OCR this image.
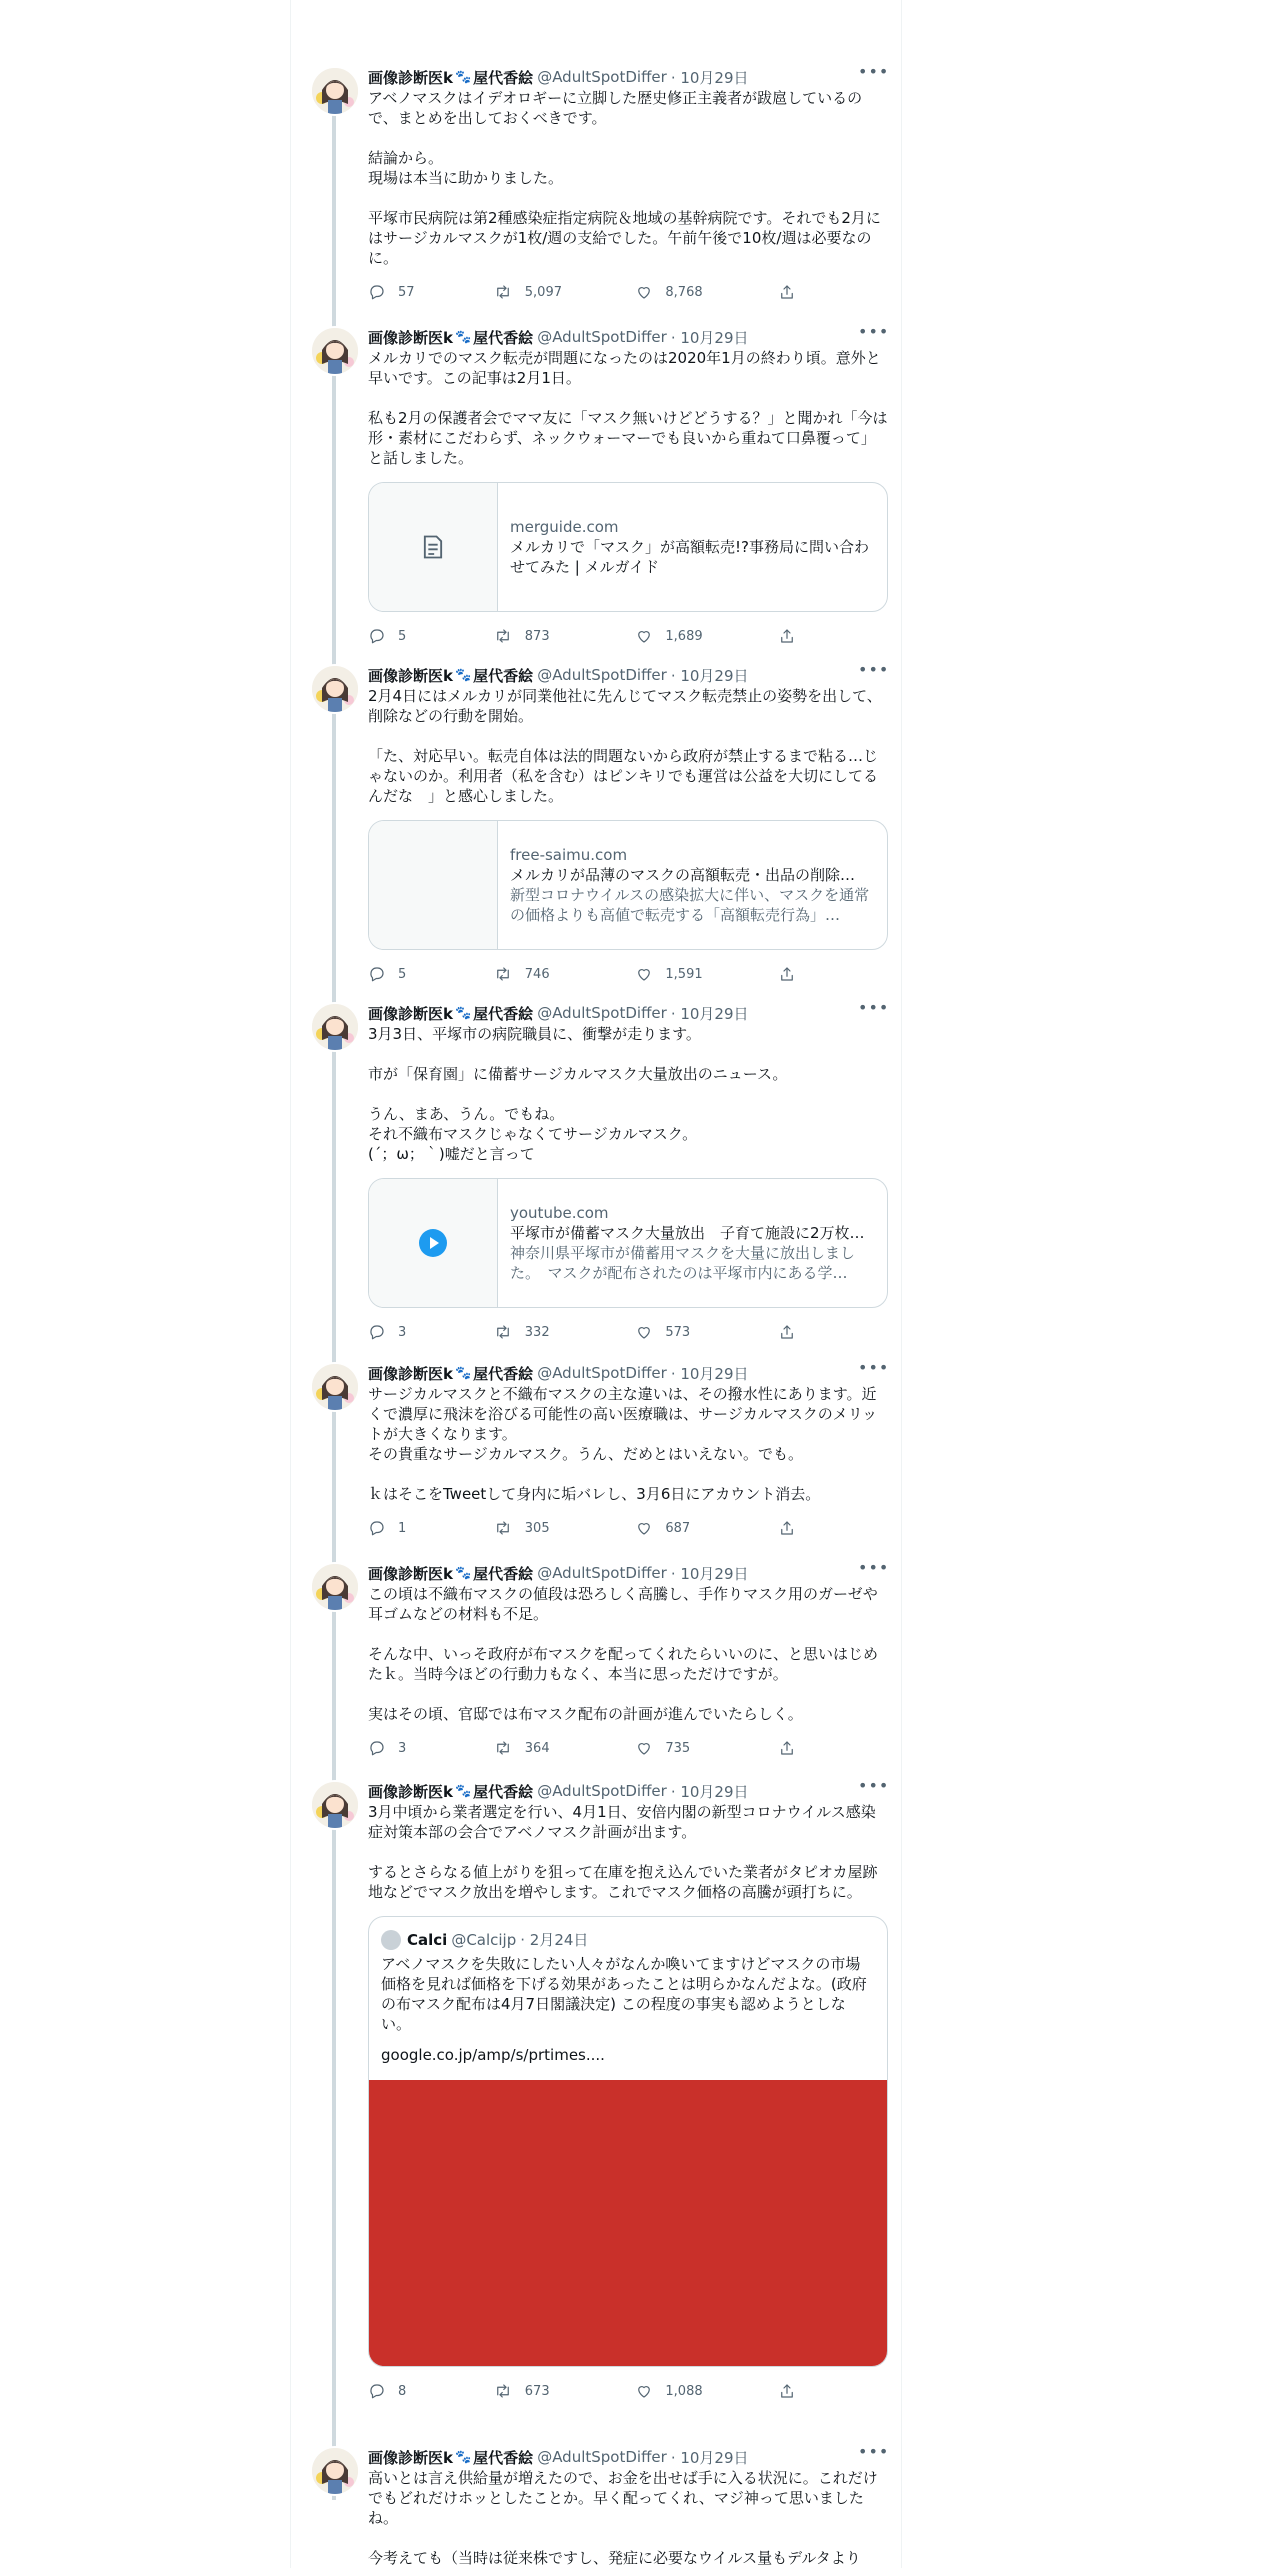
画像診断医k 🐾 屋代香絵 @AdultSpotDiffer · 10月29日	•••
アベノマスクはイデオロギーに立脚した歴史修正主義者が跋扈しているので、まとめを出しておくべきです。

結論から。
現場は本当に助かりました。

平塚市民病院は第2種感染症指定病院＆地域の基幹病院です。それでも2月にはサージカルマスクが1枚/週の支給でした。午前午後で10枚/週は必要なのに。
57	5,097	8,768
画像診断医k 🐾 屋代香絵 @AdultSpotDiffer · 10月29日	•••
メルカリでのマスク転売が問題になったのは2020年1月の終わり頃。意外と早いです。この記事は2月1日。

私も2月の保護者会でママ友に「マスク無いけどどうする？」と聞かれ「今は形・素材にこだわらず、ネックウォーマーでも良いから重ねて口鼻覆って」と話しました。
merguide.com
メルカリで「マスク」が高額転売!?事務局に問い合わせてみた | メルガイド
5	873	1,689
画像診断医k 🐾 屋代香絵 @AdultSpotDiffer · 10月29日	•••
2月4日にはメルカリが同業他社に先んじてマスク転売禁止の姿勢を出して、削除などの行動を開始。

「た、対応早い。転売自体は法的問題ないから政府が禁止するまで粘る…じゃないのか。利用者（私を含む）はピンキリでも運営は公益を大切にしてるんだな　」と感心しました。
free-saimu.com
メルカリが品薄のマスクの高額転売・出品の削除…
新型コロナウイルスの感染拡大に伴い、マスクを通常の価格よりも高値で転売する「高額転売行為」…
5	746	1,591
画像診断医k 🐾 屋代香絵 @AdultSpotDiffer · 10月29日	•••
3月3日、平塚市の病院職員に、衝撃が走ります。

市が「保育園」に備蓄サージカルマスク大量放出のニュース。

うん、まあ、うん。でもね。
それ不織布マスクじゃなくてサージカルマスク。
(´；ω；｀)嘘だと言って
youtube.com
平塚市が備蓄マスク大量放出　子育て施設に2万枚…
神奈川県平塚市が備蓄用マスクを大量に放出しました。　マスクが配布されたのは平塚市内にある学…
3	332	573
画像診断医k 🐾 屋代香絵 @AdultSpotDiffer · 10月29日	•••
サージカルマスクと不織布マスクの主な違いは、その撥水性にあります。近くで濃厚に飛沫を浴びる可能性の高い医療職は、サージカルマスクのメリットが大きくなります。
その貴重なサージカルマスク。うん、だめとはいえない。でも。

ｋはそこをTweetして身内に垢バレし、3月6日にアカウント消去。
1	305	687
画像診断医k 🐾 屋代香絵 @AdultSpotDiffer · 10月29日	•••
この頃は不織布マスクの値段は恐ろしく高騰し、手作りマスク用のガーゼや耳ゴムなどの材料も不足。

そんな中、いっそ政府が布マスクを配ってくれたらいいのに、と思いはじめたｋ。当時今ほどの行動力もなく、本当に思っただけですが。

実はその頃、官邸では布マスク配布の計画が進んでいたらしく。
3	364	735
画像診断医k 🐾 屋代香絵 @AdultSpotDiffer · 10月29日	•••
3月中頃から業者選定を行い、4月1日、安倍内閣の新型コロナウイルス感染症対策本部の会合でアベノマスク計画が出ます。

するとさらなる値上がりを狙って在庫を抱え込んでいた業者がタピオカ屋跡地などでマスク放出を増やします。これでマスク価格の高騰が頭打ちに。
Calci @Calcijp · 2月24日
アベノマスクを失敗にしたい人々がなんか喚いてますけどマスクの市場価格を見れば価格を下げる効果があったことは明らかなんだよな。(政府の布マスク配布は4月7日閣議決定) この程度の事実も認めようとしない。
google.co.jp/amp/s/prtimes....
8	673	1,088
画像診断医k 🐾 屋代香絵 @AdultSpotDiffer · 10月29日	•••
高いとは言え供給量が増えたので、お金を出せば手に入る状況に。これだけでもどれだけホッとしたことか。早く配ってくれ、マジ神って思いましたね。

今考えても（当時は従来株ですし、発症に必要なウイルス量もデルタより
